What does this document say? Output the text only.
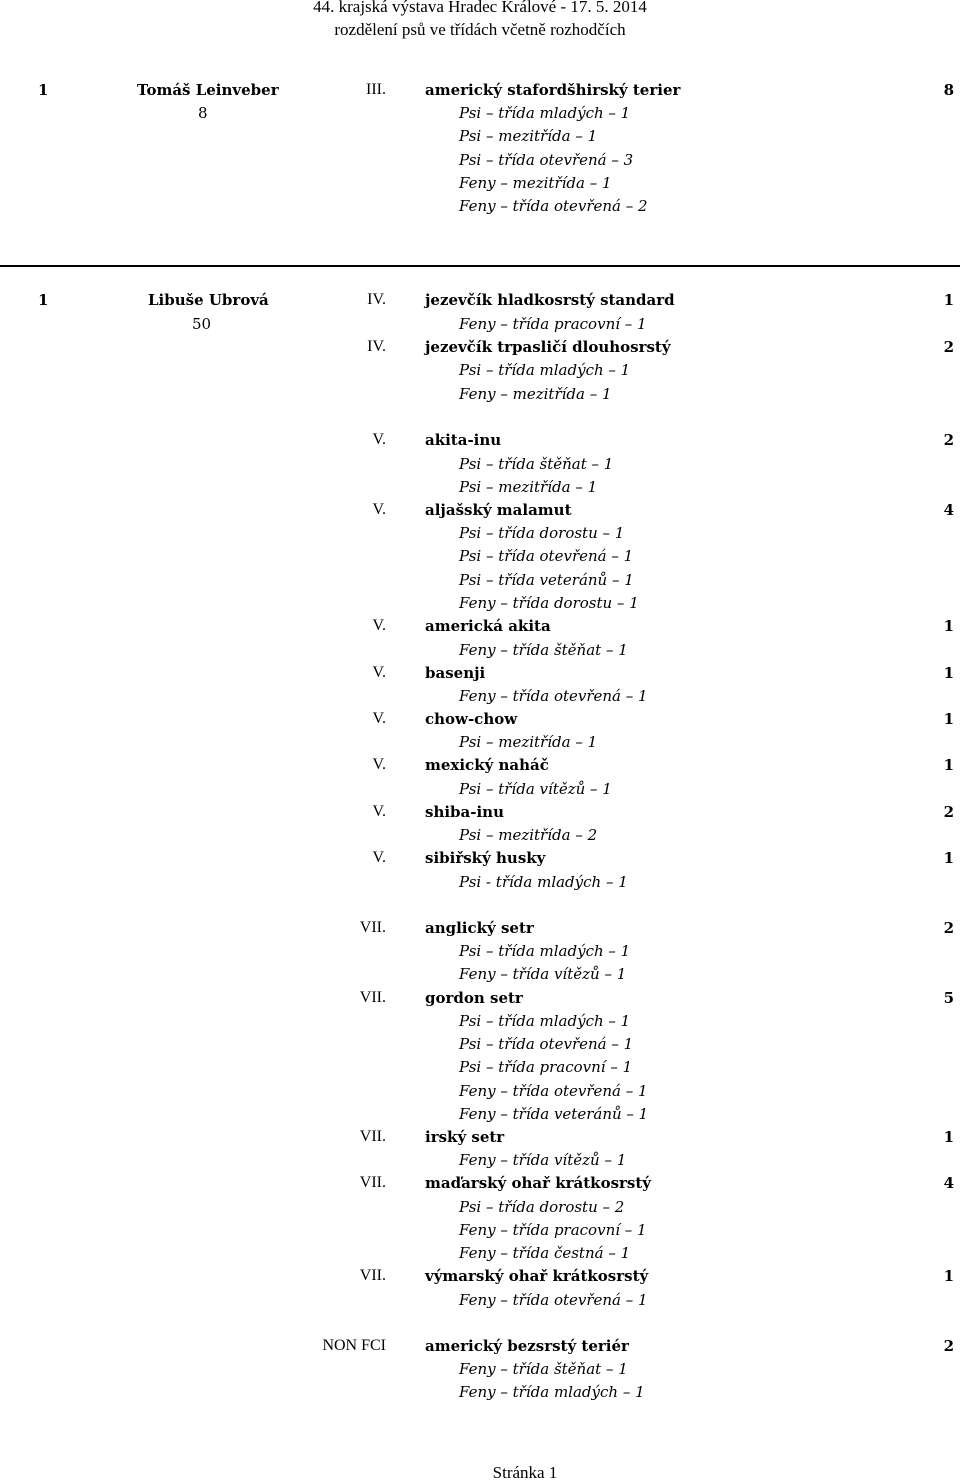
44. krajská výstava Hradec Králové - 17. 5. 2014
rozdělení psů ve třídách včetně rozhodčích
1	Tomáš Leinveber
8
III.	americký stafordšhirský terier	8
Psi – třída mladých – 1
Psi – mezitřída – 1
Psi – třída otevřená – 3
Feny – mezitřída – 1
Feny – třída otevřená – 2
1	Libuše Ubrová
50
IV.	jezevčík hladkosrstý standard	1
Feny – třída pracovní – 1
IV.	jezevčík trpasličí dlouhosrstý	2
Psi – třída mladých – 1
Feny – mezitřída – 1
V.	akita-inu	2
Psi – třída štěňat – 1
Psi – mezitřída – 1
V.	aljašský malamut	4
Psi – třída dorostu – 1
Psi – třída otevřená – 1
Psi – třída veteránů – 1
Feny – třída dorostu – 1
V.	americká akita	1
Feny – třída štěňat – 1
V.	basenji	1
Feny – třída otevřená – 1
V.	chow-chow	1
Psi – mezitřída – 1
V.	mexický naháč	1
Psi – třída vítězů – 1
V.	shiba-inu	2
Psi – mezitřída – 2
V.	sibiřský husky	1
Psi - třída mladých – 1
VII.	anglický setr	2
Psi – třída mladých – 1
Feny – třída vítězů – 1
VII.	gordon setr	5
Psi – třída mladých – 1
Psi – třída otevřená – 1
Psi – třída pracovní – 1
Feny – třída otevřená – 1
Feny – třída veteránů – 1
VII.	irský setr	1
Feny – třída vítězů – 1
VII.	maďarský ohař krátkosrstý	4
Psi – třída dorostu – 2
Feny – třída pracovní – 1
Feny – třída čestná – 1
VII.	výmarský ohař krátkosrstý	1
Feny – třída otevřená – 1
NON FCI	americký bezsrstý teriér	2
Feny – třída štěňat – 1
Feny – třída mladých – 1
Stránka 1
